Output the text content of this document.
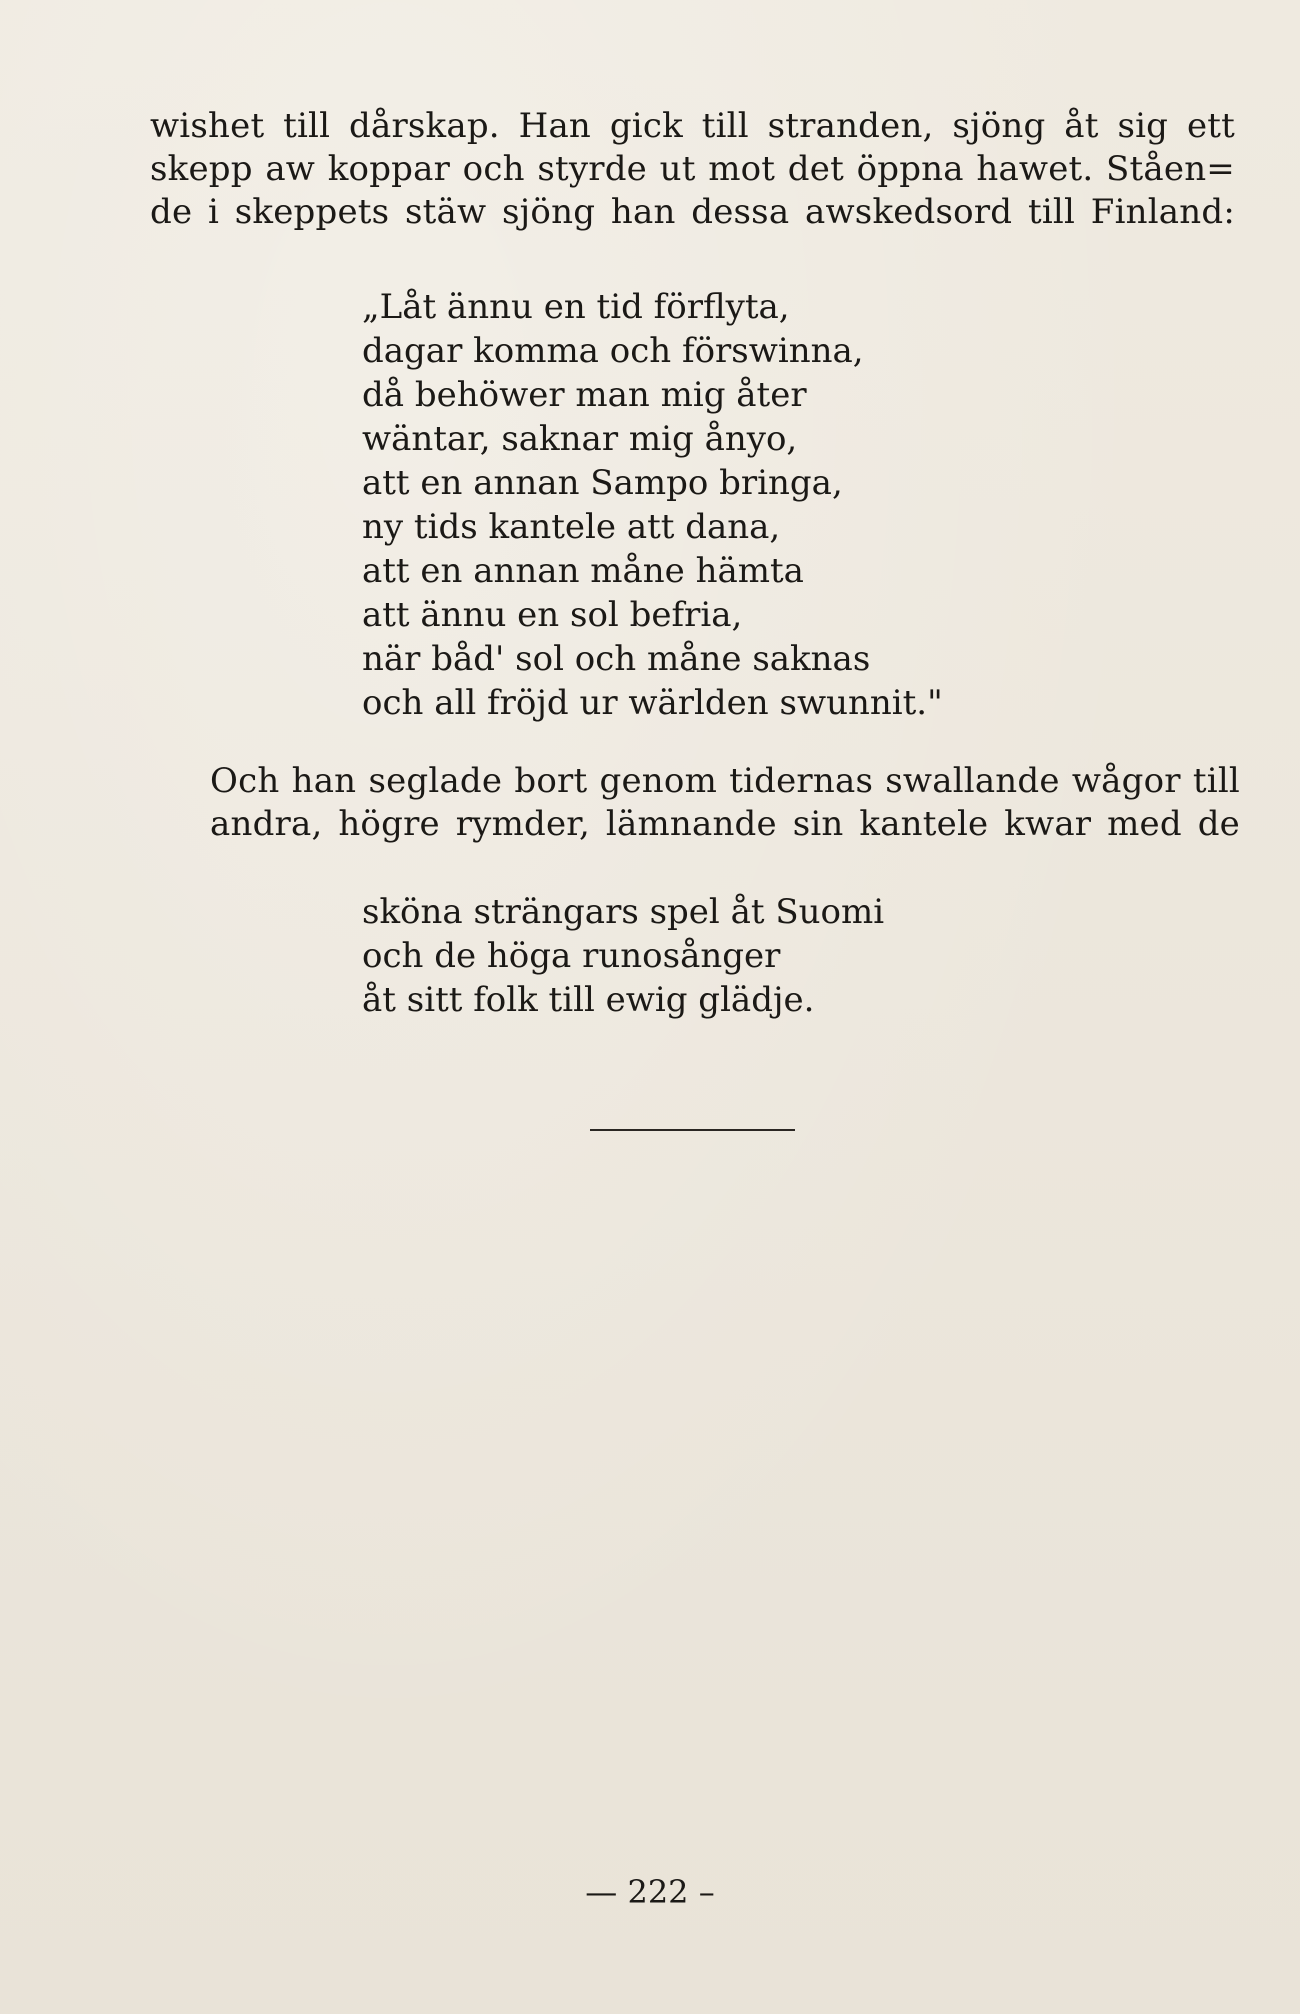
wishet till dårskap. Han gick till stranden, sjöng åt sig ett
skepp aw koppar och styrde ut mot det öppna hawet. Ståen=
de i skeppets stäw sjöng han dessa awskedsord till Finland:
„Låt ännu en tid förflyta,
dagar komma och förswinna,
då behöwer man mig åter
wäntar, saknar mig ånyo,
att en annan Sampo bringa,
ny tids kantele att dana,
att en annan måne hämta
att ännu en sol befria,
när båd' sol och måne saknas
och all fröjd ur wärlden swunnit."
Och han seglade bort genom tidernas swallande wågor till
andra, högre rymder, lämnande sin kantele kwar med de
sköna strängars spel åt Suomi
och de höga runosånger
åt sitt folk till ewig glädje.
— 222 –
